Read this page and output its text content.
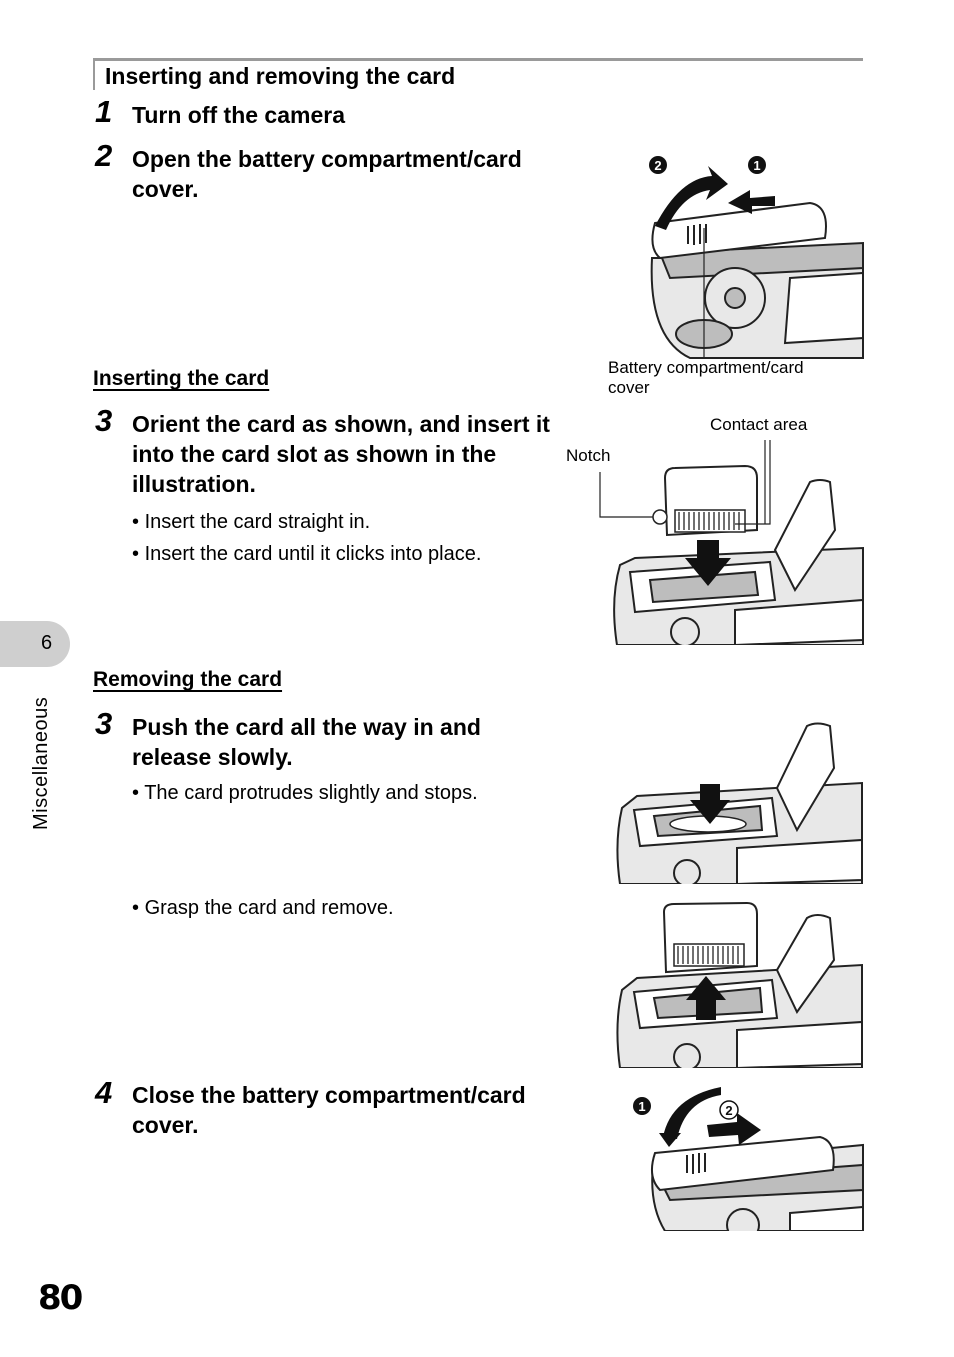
Inserting and removing the card
1 Turn off the camera
2 Open the battery compartment/card cover.
2	1
Battery compartment/card cover
Inserting the card
3 Orient the card as shown, and insert it into the card slot as shown in the illustration.
• Insert the card straight in.
• Insert the card until it clicks into place.
Contact area
Notch
6
Miscellaneous
Removing the card
3 Push the card all the way in and release slowly.
• The card protrudes slightly and stops.
• Grasp the card and remove.
4 Close the battery compartment/card cover.
1	2
80
